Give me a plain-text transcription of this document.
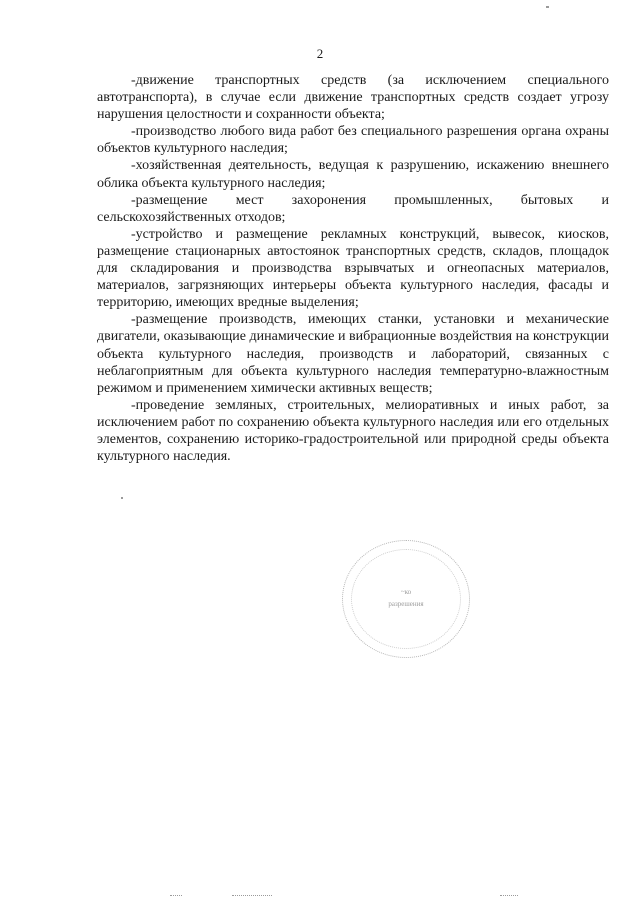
2

-движение транспортных средств (за исключением специального автотранспорта), в случае если движение транспортных средств создает угрозу нарушения целостности и сохранности объекта;

-производство любого вида работ без специального разрешения органа охраны объектов культурного наследия;

-хозяйственная деятельность, ведущая к разрушению, искажению внешнего облика объекта культурного наследия;

-размещение мест захоронения промышленных, бытовых и сельскохозяйственных отходов;

-устройство и размещение рекламных конструкций, вывесок, киосков, размещение стационарных автостоянок транспортных средств, складов, площадок для складирования и производства взрывчатых и огнеопасных материалов, материалов, загрязняющих интерьеры объекта культурного наследия, фасады и территорию, имеющих вредные выделения;

-размещение производств, имеющих станки, установки и механические двигатели, оказывающие динамические и вибрационные воздействия на конструкции объекта культурного наследия, производств и лабораторий, связанных с неблагоприятным для объекта культурного наследия температурно-влажностным режимом и применением химически активных веществ;

-проведение земляных, строительных, мелиоративных и иных работ, за исключением работ по сохранению объекта культурного наследия или его отдельных элементов, сохранению историко-градостроительной или природной среды объекта культурного наследия.

~ко
разрешения
